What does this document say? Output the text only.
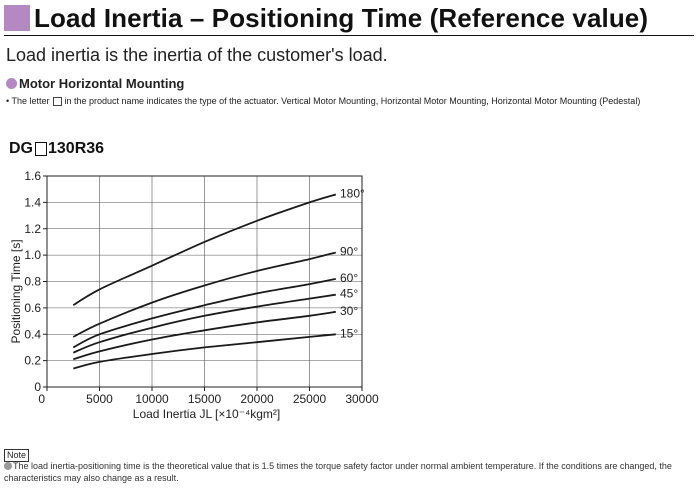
Load Inertia – Positioning Time (Reference value)
Load inertia is the inertia of the customer's load.
Motor Horizontal Mounting
• The letter in the product name indicates the type of the actuator. Vertical Motor Mounting, Horizontal Motor Mounting, Horizontal Motor Mounting (Pedestal)
DG 130R36
0
0.2
0.4
0.6
0.8
1.0
1.2
1.4
1.6
0	5000 10000 15000 20000 25000 30000
180°
90°
60°
45°
30°
15°
Load Inertia JL [×10⁻⁴kgm²]
Positioning Time [s]
Note
The load inertia-positioning time is the theoretical value that is 1.5 times the torque safety factor under normal ambient temperature. If the conditions are changed, the characteristics may also change as a result.
